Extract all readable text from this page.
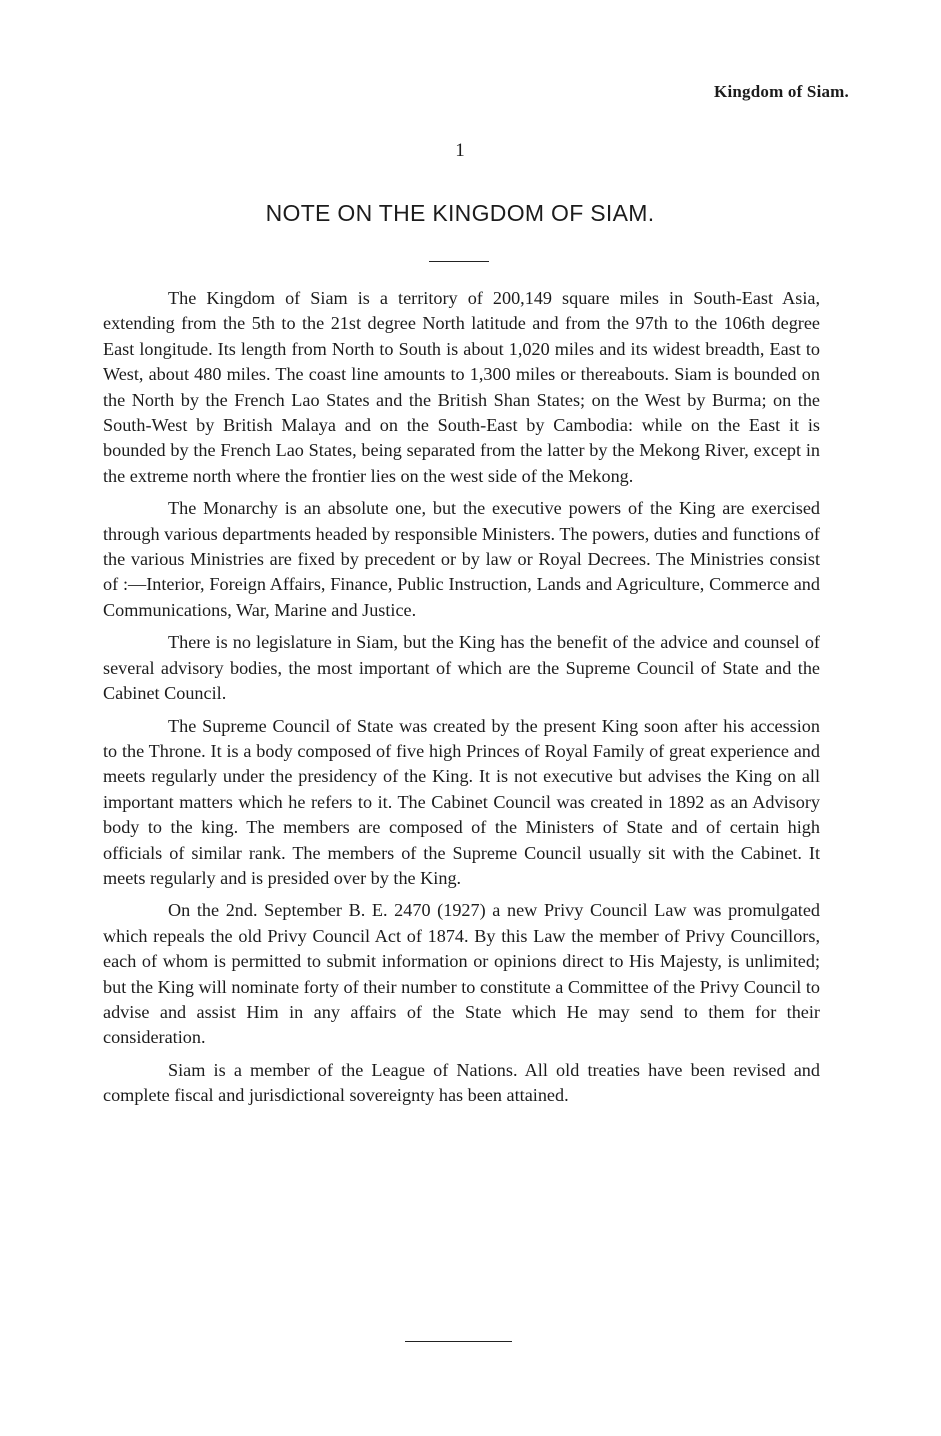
Kingdom of Siam.
1
NOTE ON THE KINGDOM OF SIAM.

The Kingdom of Siam is a territory of 200,149 square miles in South-East Asia, extending from the 5th to the 21st degree North latitude and from the 97th to the 106th degree East longitude. Its length from North to South is about 1,020 miles and its widest breadth, East to West, about 480 miles. The coast line amounts to 1,300 miles or thereabouts. Siam is bounded on the North by the French Lao States and the British Shan States; on the West by Burma; on the South-West by British Malaya and on the South-East by Cambodia: while on the East it is bounded by the French Lao States, being separated from the latter by the Mekong River, except in the extreme north where the frontier lies on the west side of the Mekong.

The Monarchy is an absolute one, but the executive powers of the King are exercised through various departments headed by responsible Ministers. The powers, duties and functions of the various Ministries are fixed by precedent or by law or Royal Decrees. The Ministries consist of :—Interior, Foreign Affairs, Finance, Public Instruction, Lands and Agriculture, Commerce and Communications, War, Marine and Justice.

There is no legislature in Siam, but the King has the benefit of the advice and counsel of several advisory bodies, the most important of which are the Supreme Council of State and the Cabinet Council.

The Supreme Council of State was created by the present King soon after his accession to the Throne. It is a body composed of five high Princes of Royal Family of great experience and meets regularly under the presidency of the King. It is not executive but advises the King on all important matters which he refers to it. The Cabinet Council was created in 1892 as an Advisory body to the king. The members are composed of the Ministers of State and of certain high officials of similar rank. The members of the Supreme Council usually sit with the Cabinet. It meets regularly and is presided over by the King.

On the 2nd. September B. E. 2470 (1927) a new Privy Council Law was promulgated which repeals the old Privy Council Act of 1874. By this Law the member of Privy Councillors, each of whom is permitted to submit information or opinions direct to His Majesty, is unlimited; but the King will nominate forty of their number to constitute a Committee of the Privy Council to advise and assist Him in any affairs of the State which He may send to them for their consideration.

Siam is a member of the League of Nations. All old treaties have been revised and complete fiscal and jurisdictional sovereignty has been attained.
